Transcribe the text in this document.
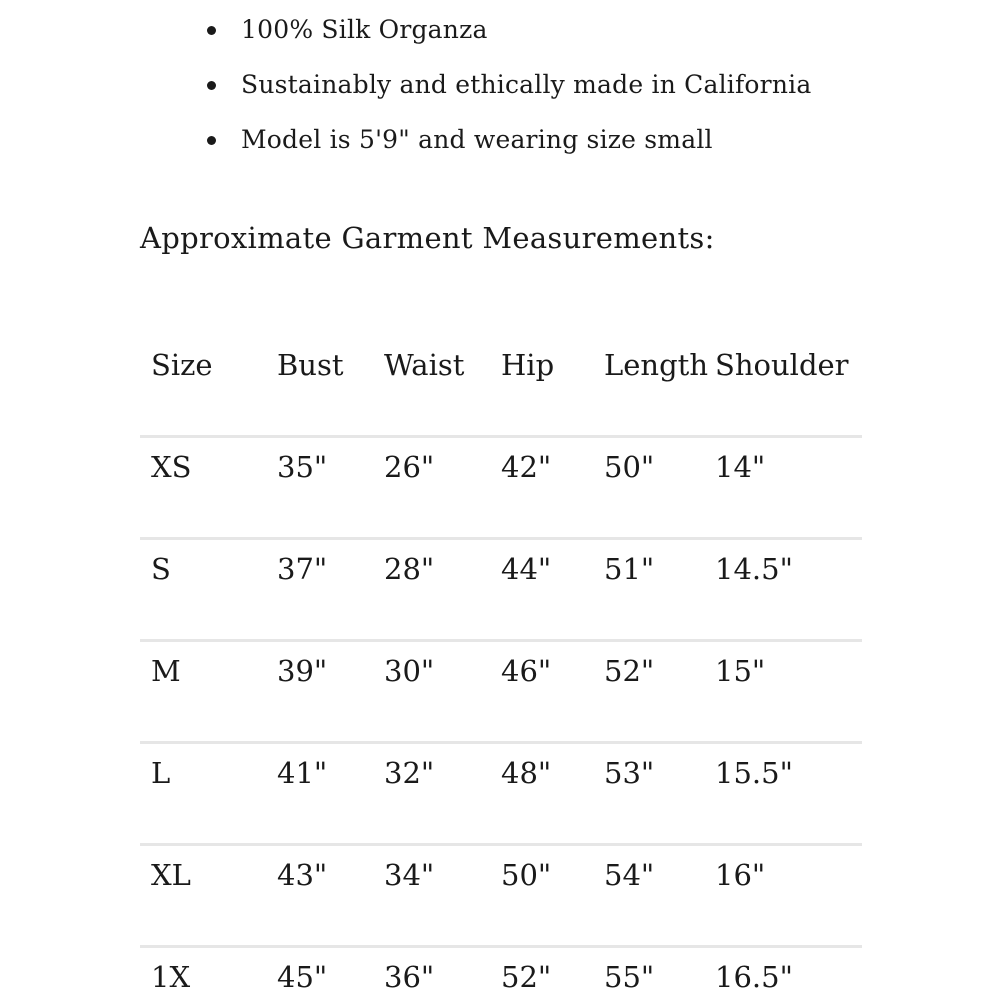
100% Silk Organza
Sustainably and ethically made in California
Model is 5'9" and wearing size small
Approximate Garment Measurements:
Size Bust Waist Hip Length Shoulder
XS	35" 26" 42" 50" 14"
S	37" 28" 44" 51" 14.5"
M	39" 30" 46" 52" 15"
L	41" 32" 48" 53" 15.5"
XL	43" 34" 50" 54" 16"
1X	45" 36" 52" 55" 16.5"
